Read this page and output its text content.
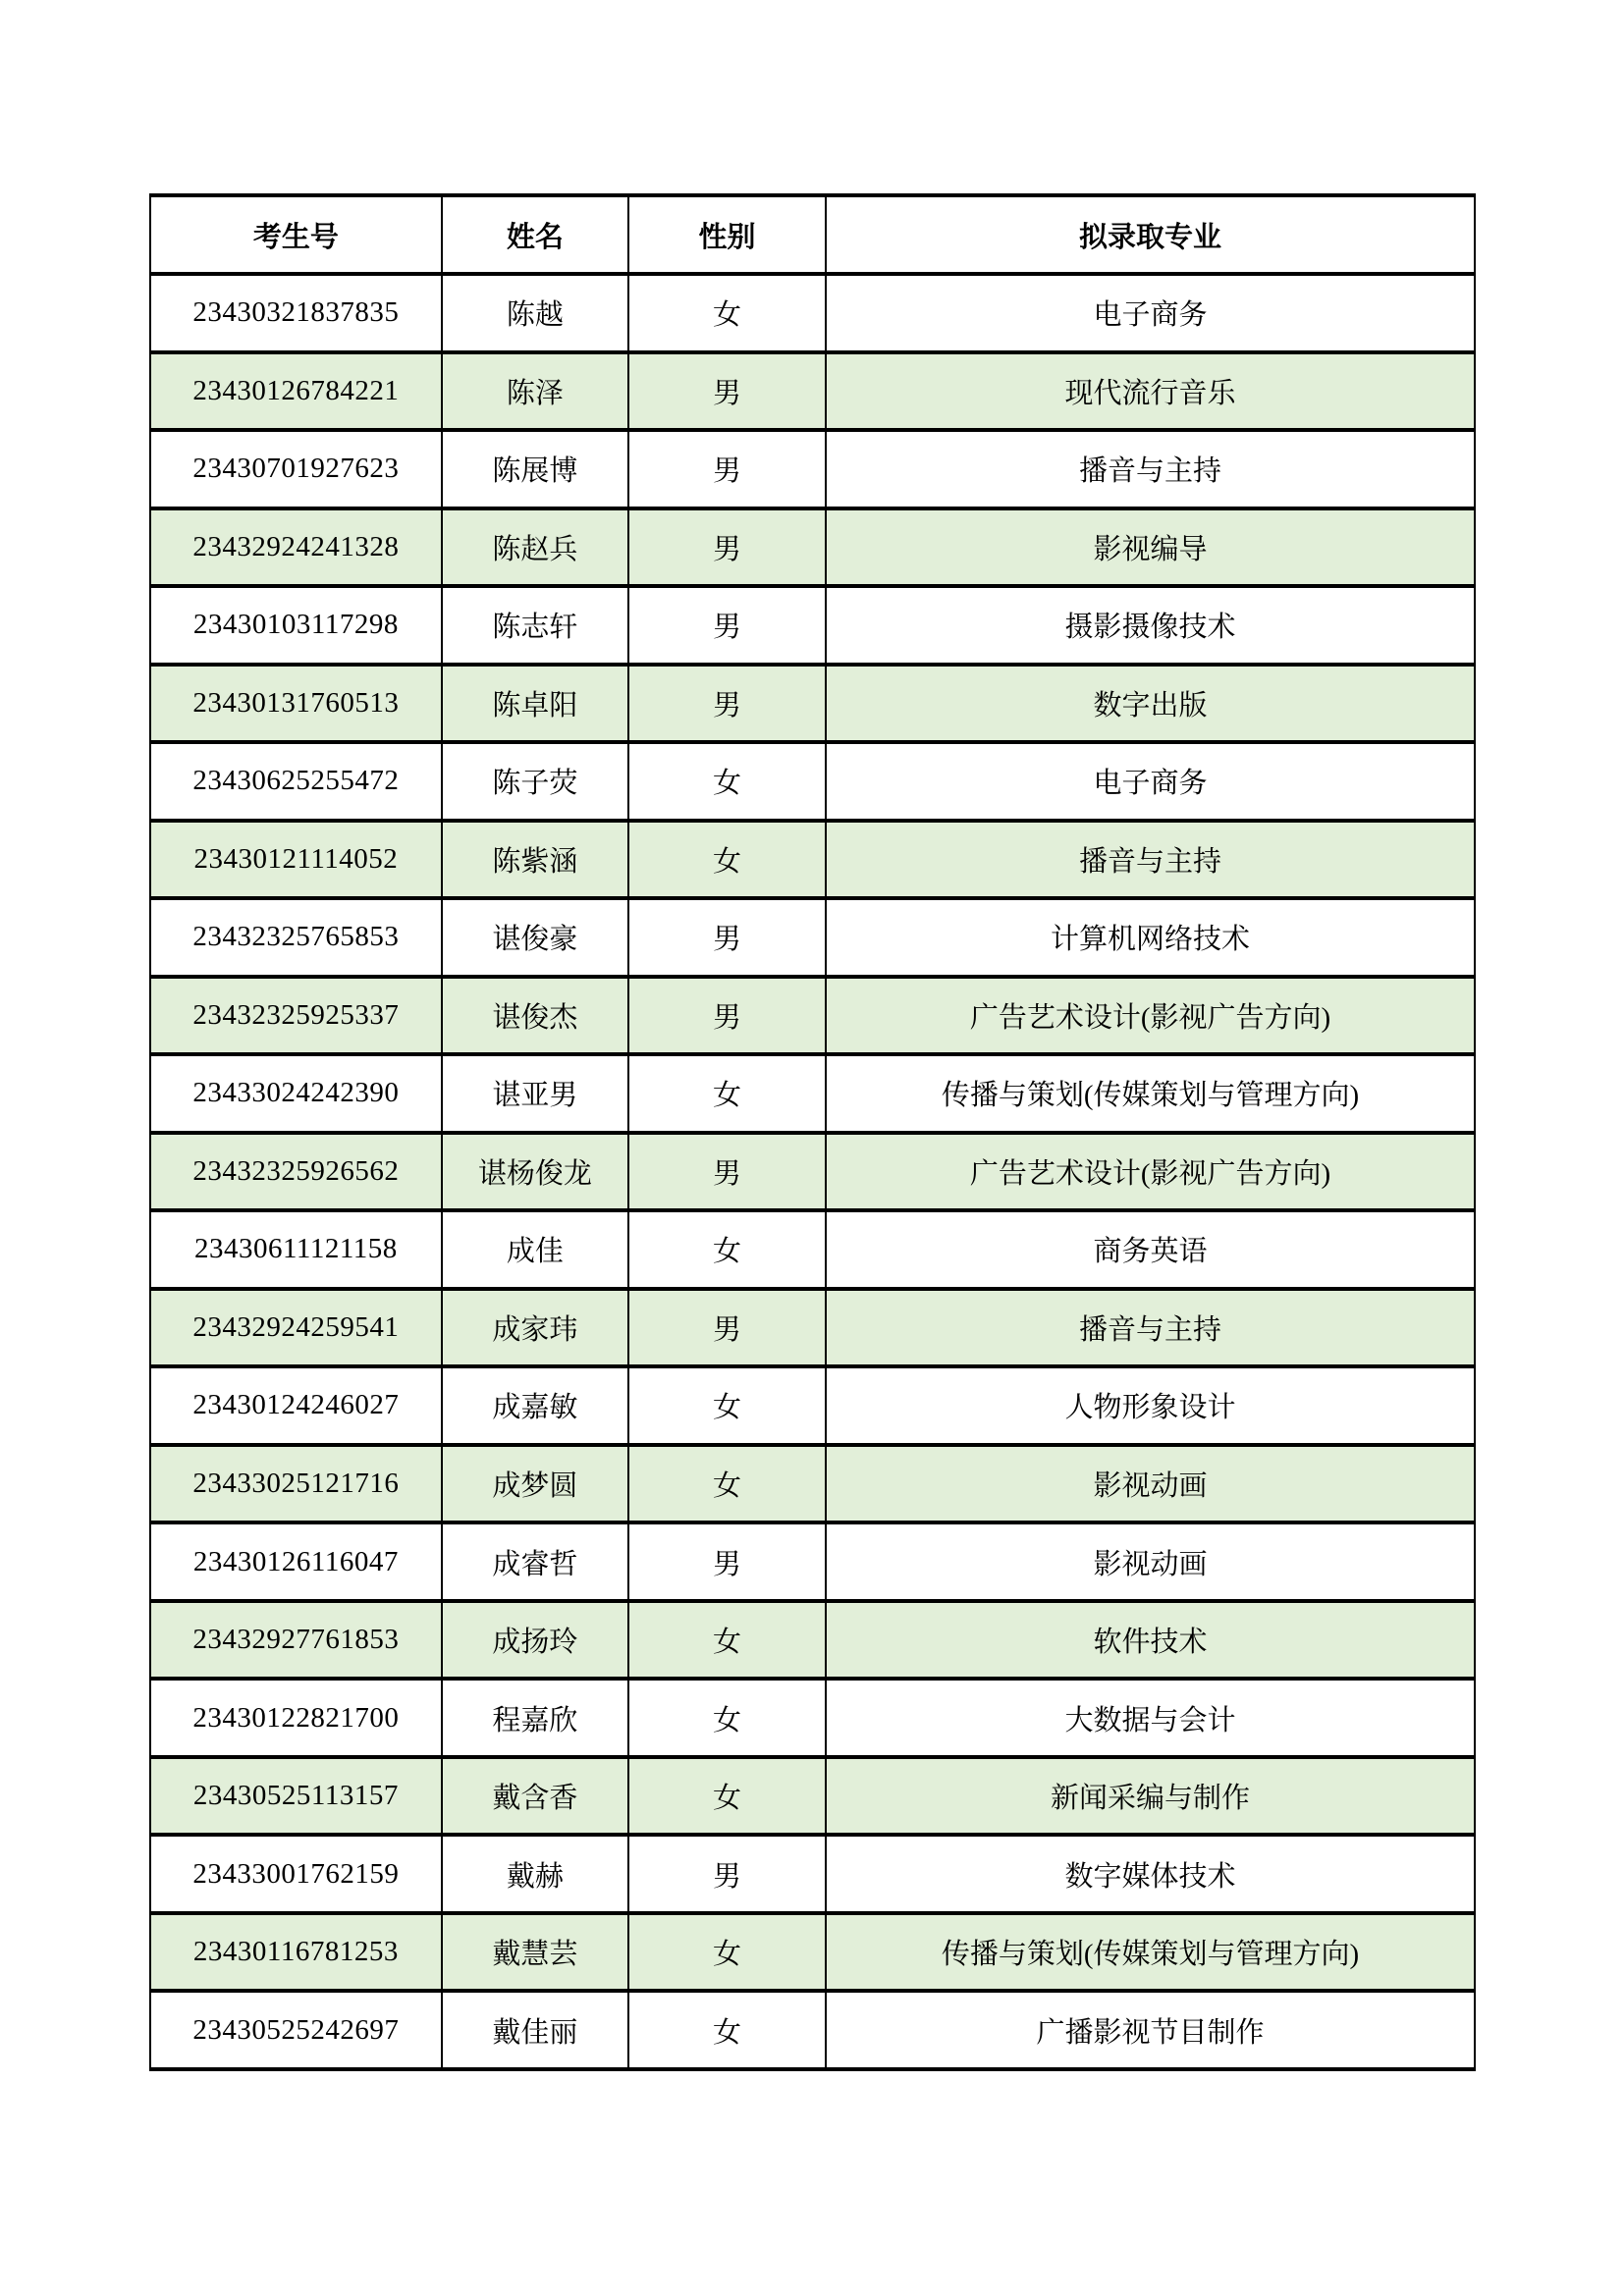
考生号	姓名	性别	拟录取专业
23430321837835	陈越	女	电子商务
23430126784221	陈泽	男	现代流行音乐
23430701927623	陈展博	男	播音与主持
23432924241328	陈赵兵	男	影视编导
23430103117298	陈志轩	男	摄影摄像技术
23430131760513	陈卓阳	男	数字出版
23430625255472	陈子荧	女	电子商务
23430121114052	陈紫涵	女	播音与主持
23432325765853	谌俊豪	男	计算机网络技术
23432325925337	谌俊杰	男	广告艺术设计(影视广告方向)
23433024242390	谌亚男	女	传播与策划(传媒策划与管理方向)
23432325926562	谌杨俊龙	男	广告艺术设计(影视广告方向)
23430611121158	成佳	女	商务英语
23432924259541	成家玮	男	播音与主持
23430124246027	成嘉敏	女	人物形象设计
23433025121716	成梦圆	女	影视动画
23430126116047	成睿哲	男	影视动画
23432927761853	成扬玲	女	软件技术
23430122821700	程嘉欣	女	大数据与会计
23430525113157	戴含香	女	新闻采编与制作
23433001762159	戴赫	男	数字媒体技术
23430116781253	戴慧芸	女	传播与策划(传媒策划与管理方向)
23430525242697	戴佳丽	女	广播影视节目制作
